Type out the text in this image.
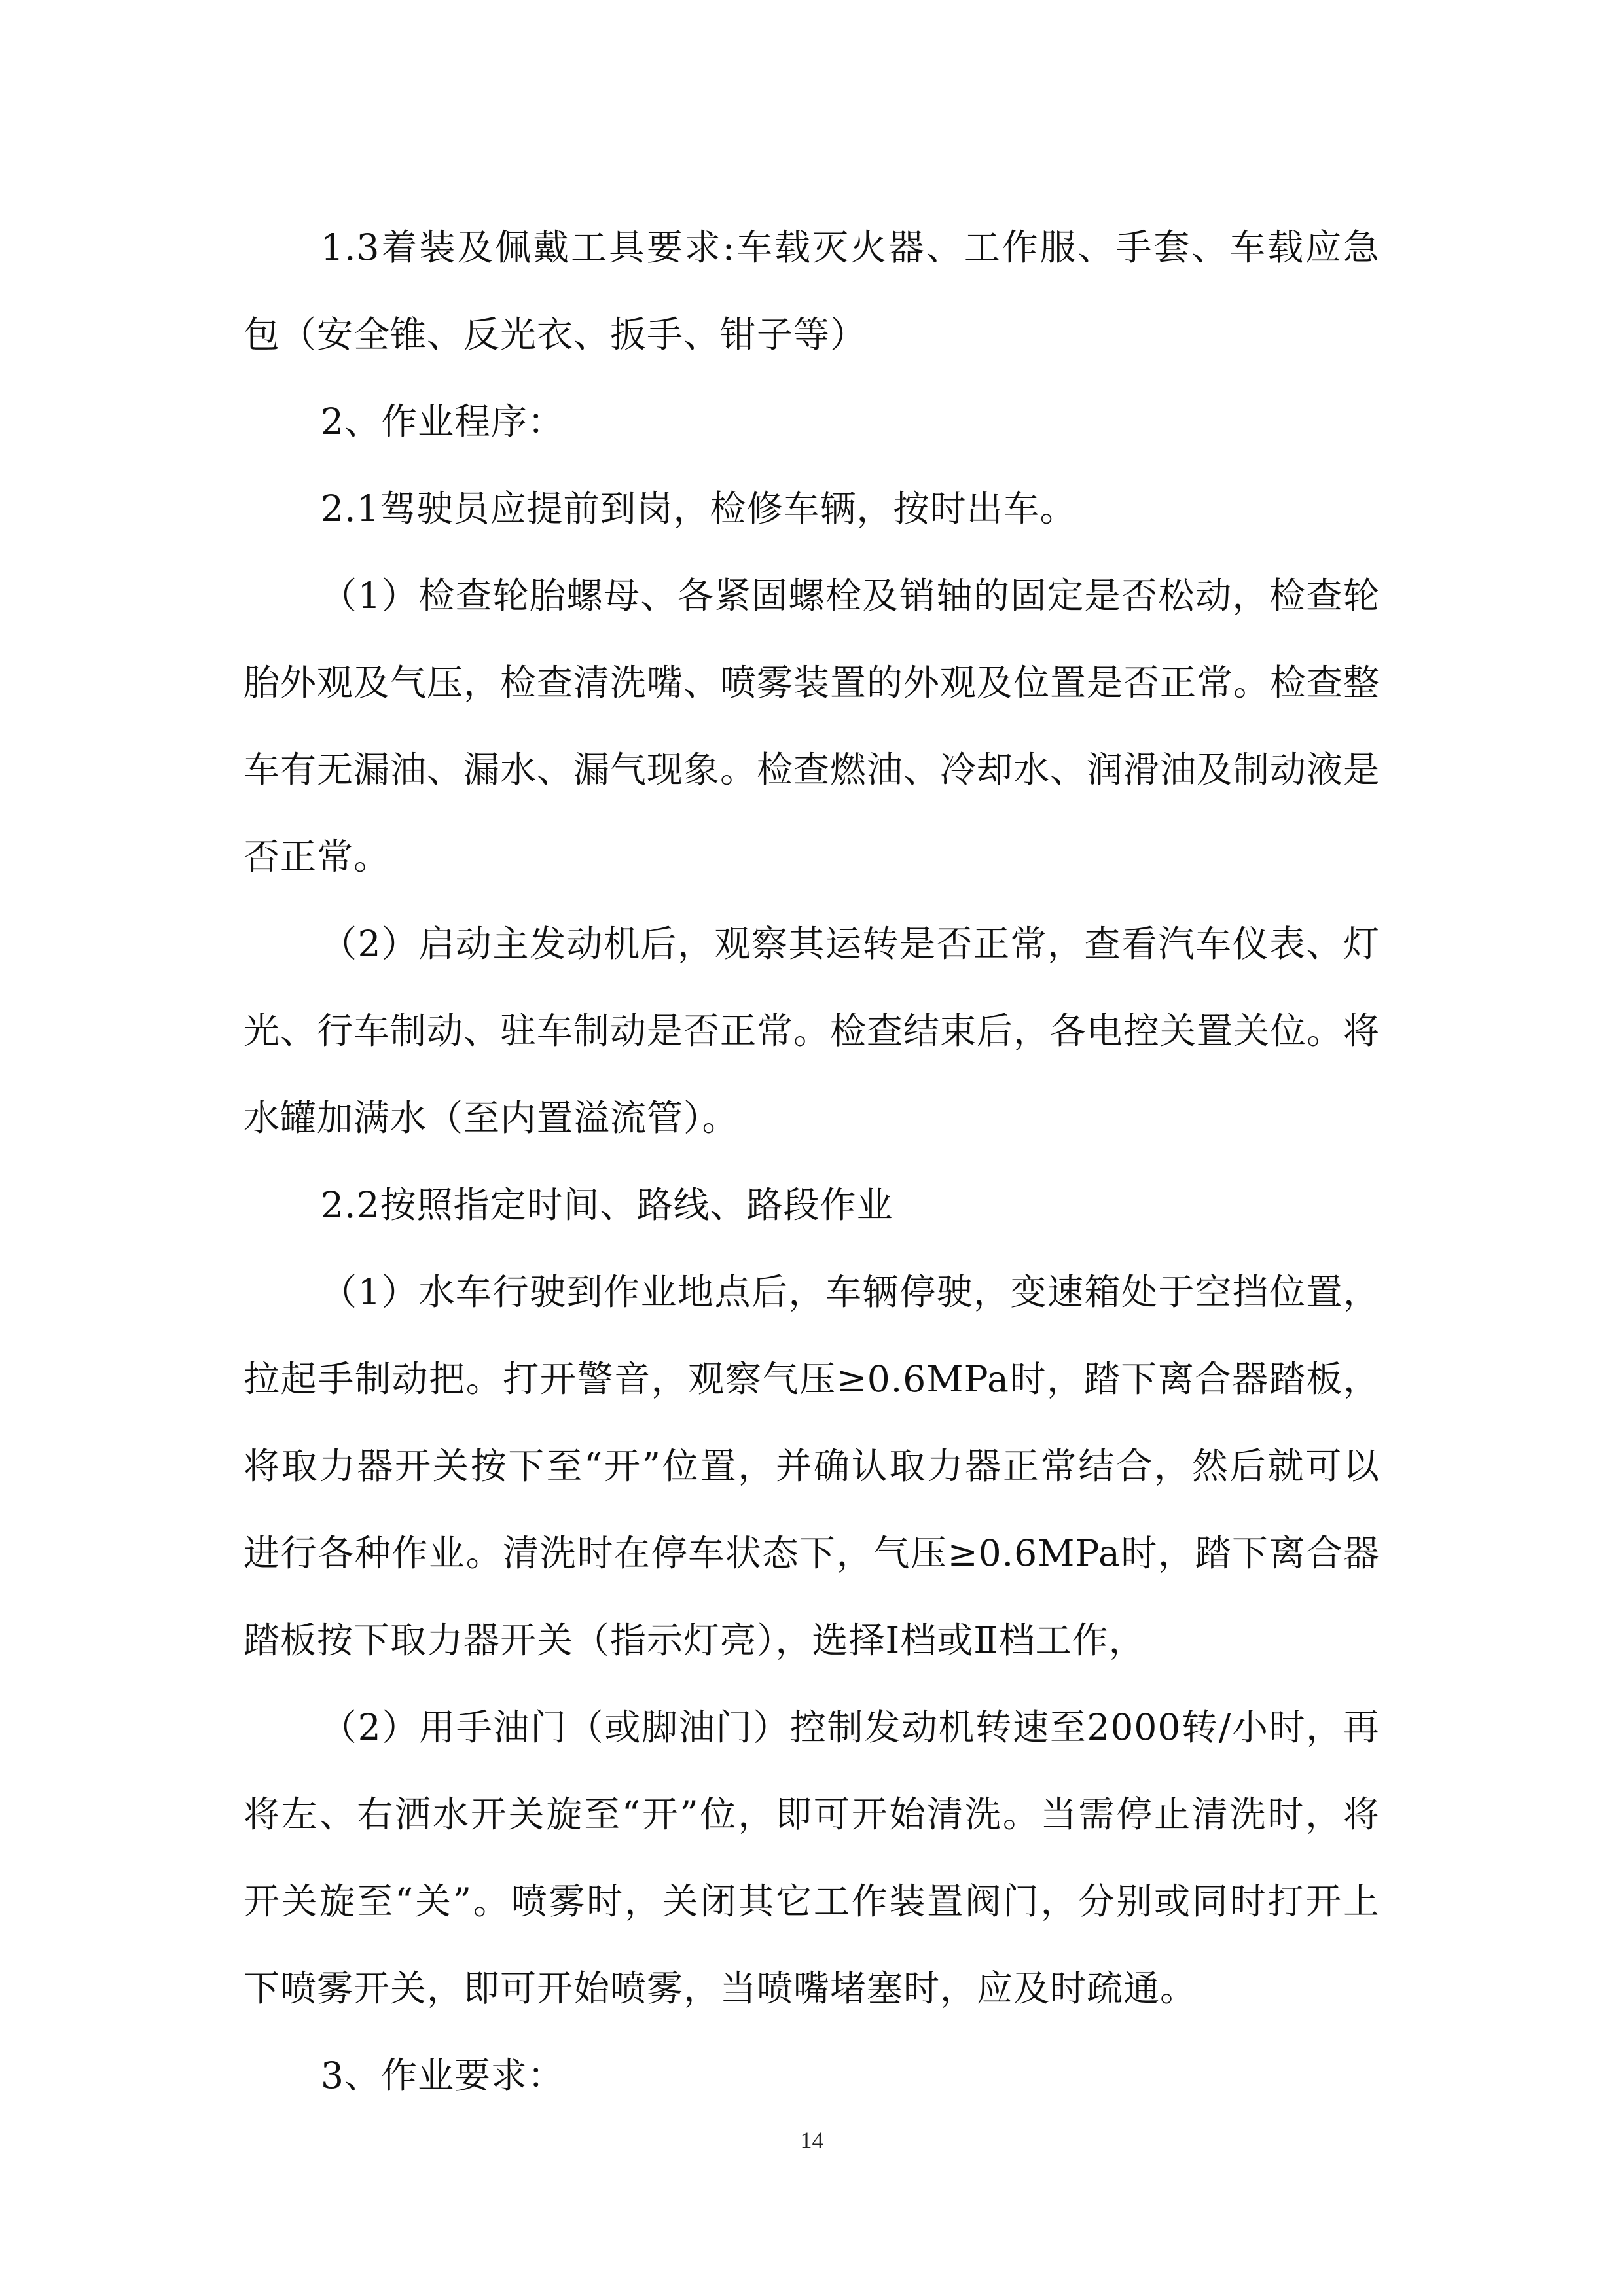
1.3着装及佩戴工具要求:车载灭火器、工作服、手套、车载应急包（安全锥、反光衣、扳手、钳子等）

2、作业程序：

2.1驾驶员应提前到岗，检修车辆，按时出车。

（1）检查轮胎螺母、各紧固螺栓及销轴的固定是否松动，检查轮胎外观及气压，检查清洗嘴、喷雾装置的外观及位置是否正常。检查整车有无漏油、漏水、漏气现象。检查燃油、冷却水、润滑油及制动液是否正常。

（2）启动主发动机后，观察其运转是否正常，查看汽车仪表、灯光、行车制动、驻车制动是否正常。检查结束后，各电控关置关位。将水罐加满水（至内置溢流管）。

2.2按照指定时间、路线、路段作业

（1）水车行驶到作业地点后，车辆停驶，变速箱处于空挡位置，拉起手制动把。打开警音，观察气压≥0.6MPa时，踏下离合器踏板，将取力器开关按下至“开”位置，并确认取力器正常结合，然后就可以进行各种作业。清洗时在停车状态下，气压≥0.6MPa时，踏下离合器踏板按下取力器开关（指示灯亮），选择Ⅰ档或Ⅱ档工作，

（2）用手油门（或脚油门）控制发动机转速至2000转/小时，再将左、右洒水开关旋至“开”位，即可开始清洗。当需停止清洗时，将开关旋至“关”。喷雾时，关闭其它工作装置阀门，分别或同时打开上下喷雾开关，即可开始喷雾，当喷嘴堵塞时，应及时疏通。

3、作业要求：

14
